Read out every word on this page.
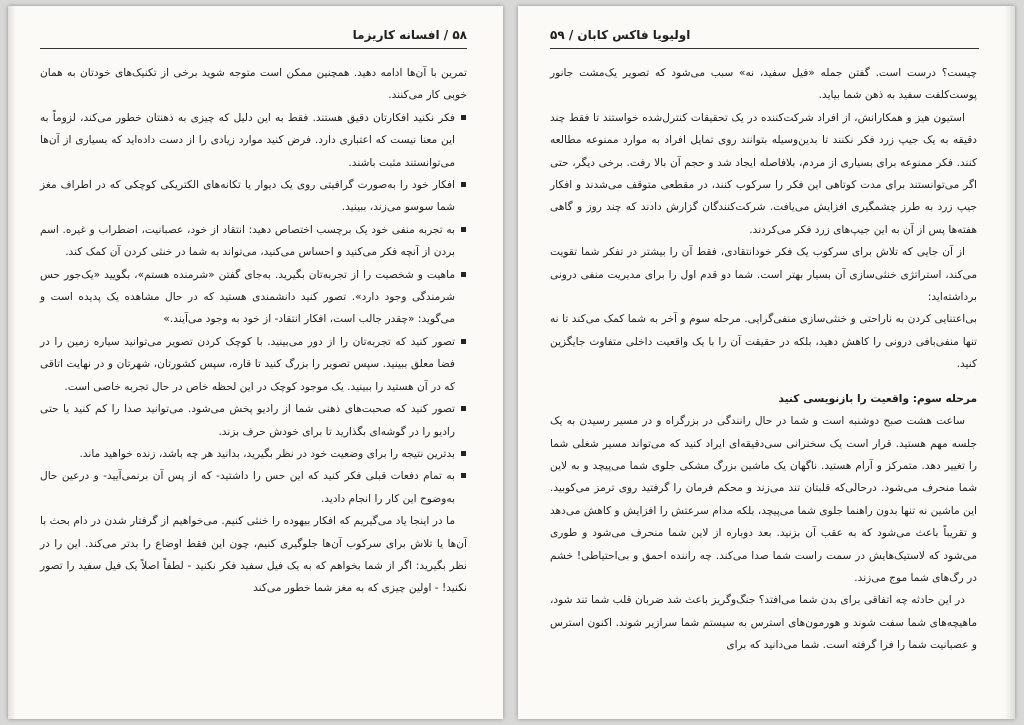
۵۸ / افسانه کاریزما

تمرین با آن‌ها ادامه دهید. همچنین ممکن است متوجه شوید برخی از تکنیک‌های خودتان به همان خوبی کار می‌کنند.

فکر نکنید افکارتان دقیق هستند. فقط به این دلیل که چیزی به ذهنتان خطور می‌کند، لزوماً به این معنا نیست که اعتباری دارد. فرض کنید موارد زیادی را از دست داده‌اید که بسیاری از آن‌ها می‌توانستند مثبت باشند.
افکار خود را به‌صورت گرافیتی روی یک دیوار یا تکانه‌های الکتریکی کوچکی که در اطراف مغز شما سوسو می‌زند، ببینید.
به تجربه منفی خود یک برچسب اختصاص دهید: انتقاد از خود، عصبانیت، اضطراب و غیره. اسم بردن از آنچه فکر می‌کنید و احساس می‌کنید، می‌تواند به شما در خنثی کردن آن کمک کند.
ماهیت و شخصیت را از تجربه‌تان بگیرید. به‌جای گفتن «شرمنده هستم»، بگویید «یک‌جور حس شرمندگی وجود دارد». تصور کنید دانشمندی هستید که در حال مشاهده یک پدیده است و می‌گوید: «چقدر جالب است، افکار انتقاد- از خود به وجود می‌آیند.»
تصور کنید که تجربه‌تان را از دور می‌بینید. با کوچک کردن تصویر می‌توانید سیاره زمین را در فضا معلق ببینید. سپس تصویر را بزرگ کنید تا قاره، سپس کشورتان، شهرتان و در نهایت اتاقی که در آن هستید را ببینید. یک موجود کوچک در این لحظه خاص در حال تجربه خاصی است.
تصور کنید که صحبت‌های ذهنی شما از رادیو پخش می‌شود. می‌توانید صدا را کم کنید یا حتی رادیو را در گوشه‌ای بگذارید تا برای خودش حرف بزند.
بدترین نتیجه را برای وضعیت خود در نظر بگیرید، بدانید هر چه باشد، زنده خواهید ماند.
به تمام دفعات قبلی فکر کنید که این حس را داشتید- که از پس آن برنمی‌آیید- و درعین حال به‌وضوح این کار را انجام دادید.

ما در اینجا یاد می‌گیریم که افکار بیهوده را خنثی کنیم. می‌خواهیم از گرفتار شدن در دام بحث با آن‌ها یا تلاش برای سرکوب آن‌ها جلوگیری کنیم، چون این فقط اوضاع را بدتر می‌کند. این را در نظر بگیرید: اگر از شما بخواهم که به یک فیل سفید فکر نکنید - لطفاً اصلاً یک فیل سفید را تصور نکنید! - اولین چیزی که به مغز شما خطور می‌کند

اولیویا فاکس کابان / ۵۹

چیست؟ درست است. گفتن جمله «فیل سفید، نه» سبب می‌شود که تصویر یک‌مشت جانور پوست‌کلفت سفید به ذهن شما بیاید.

استیون هیز و همکارانش، از افراد شرکت‌کننده در یک تحقیقات کنترل‌شده خواستند تا فقط چند دقیقه به یک جیپ زرد فکر نکنند تا بدین‌وسیله بتوانند روی تمایل افراد به موارد ممنوعه مطالعه کنند. فکر ممنوعه برای بسیاری از مردم، بلافاصله ایجاد شد و حجم آن بالا رفت. برخی دیگر، حتی اگر می‌توانستند برای مدت کوتاهی این فکر را سرکوب کنند، در مقطعی متوقف می‌شدند و افکار جیپ زرد به طرز چشمگیری افزایش می‌یافت. شرکت‌کنندگان گزارش دادند که چند روز و گاهی هفته‌ها پس از آن به این جیپ‌های زرد فکر می‌کردند.

از آن جایی که تلاش برای سرکوب یک فکر خودانتقادی، فقط آن را بیشتر در تفکر شما تقویت می‌کند، استراتژی خنثی‌سازی آن بسیار بهتر است. شما دو قدم اول را برای مدیریت منفی درونی برداشته‌اید:

بی‌اعتنایی کردن به ناراحتی و خنثی‌سازی منفی‌گرایی. مرحله سوم و آخر به شما کمک می‌کند تا نه تنها منفی‌بافی درونی را کاهش دهید، بلکه در حقیقت آن را با یک واقعیت داخلی متفاوت جایگزین کنید.

مرحله سوم: واقعیت را بازنویسی کنید

ساعت هشت صبح دوشنبه است و شما در حال رانندگی در بزرگراه و در مسیر رسیدن به یک جلسه مهم هستید. قرار است یک سخنرانی سی‌دقیقه‌ای ایراد کنید که می‌تواند مسیر شغلی شما را تغییر دهد. متمرکز و آرام هستید. ناگهان یک ماشین بزرگ مشکی جلوی شما می‌پیچد و به لاین شما منحرف می‌شود. درحالی‌که قلبتان تند می‌زند و محکم فرمان را گرفتید روی ترمز می‌کوبید. این ماشین نه تنها بدون راهنما جلوی شما می‌پیچد، بلکه مدام سرعتش را افزایش و کاهش می‌دهد و تقریباً باعث می‌شود که به عقب آن بزنید. بعد دوباره از لاین شما منحرف می‌شود و طوری می‌شود که لاستیک‌هایش در سمت راست شما صدا می‌کند. چه راننده احمق و بی‌احتیاطی! خشم در رگ‌های شما موج می‌زند.

در این حادثه چه اتفاقی برای بدن شما می‌افتد؟ جنگ‌وگریز باعث شد ضربان قلب شما تند شود، ماهیچه‌های شما سفت شوند و هورمون‌های استرس به سیستم شما سرازیر شوند. اکنون استرس و عصبانیت شما را فرا گرفته است. شما می‌دانید که برای
